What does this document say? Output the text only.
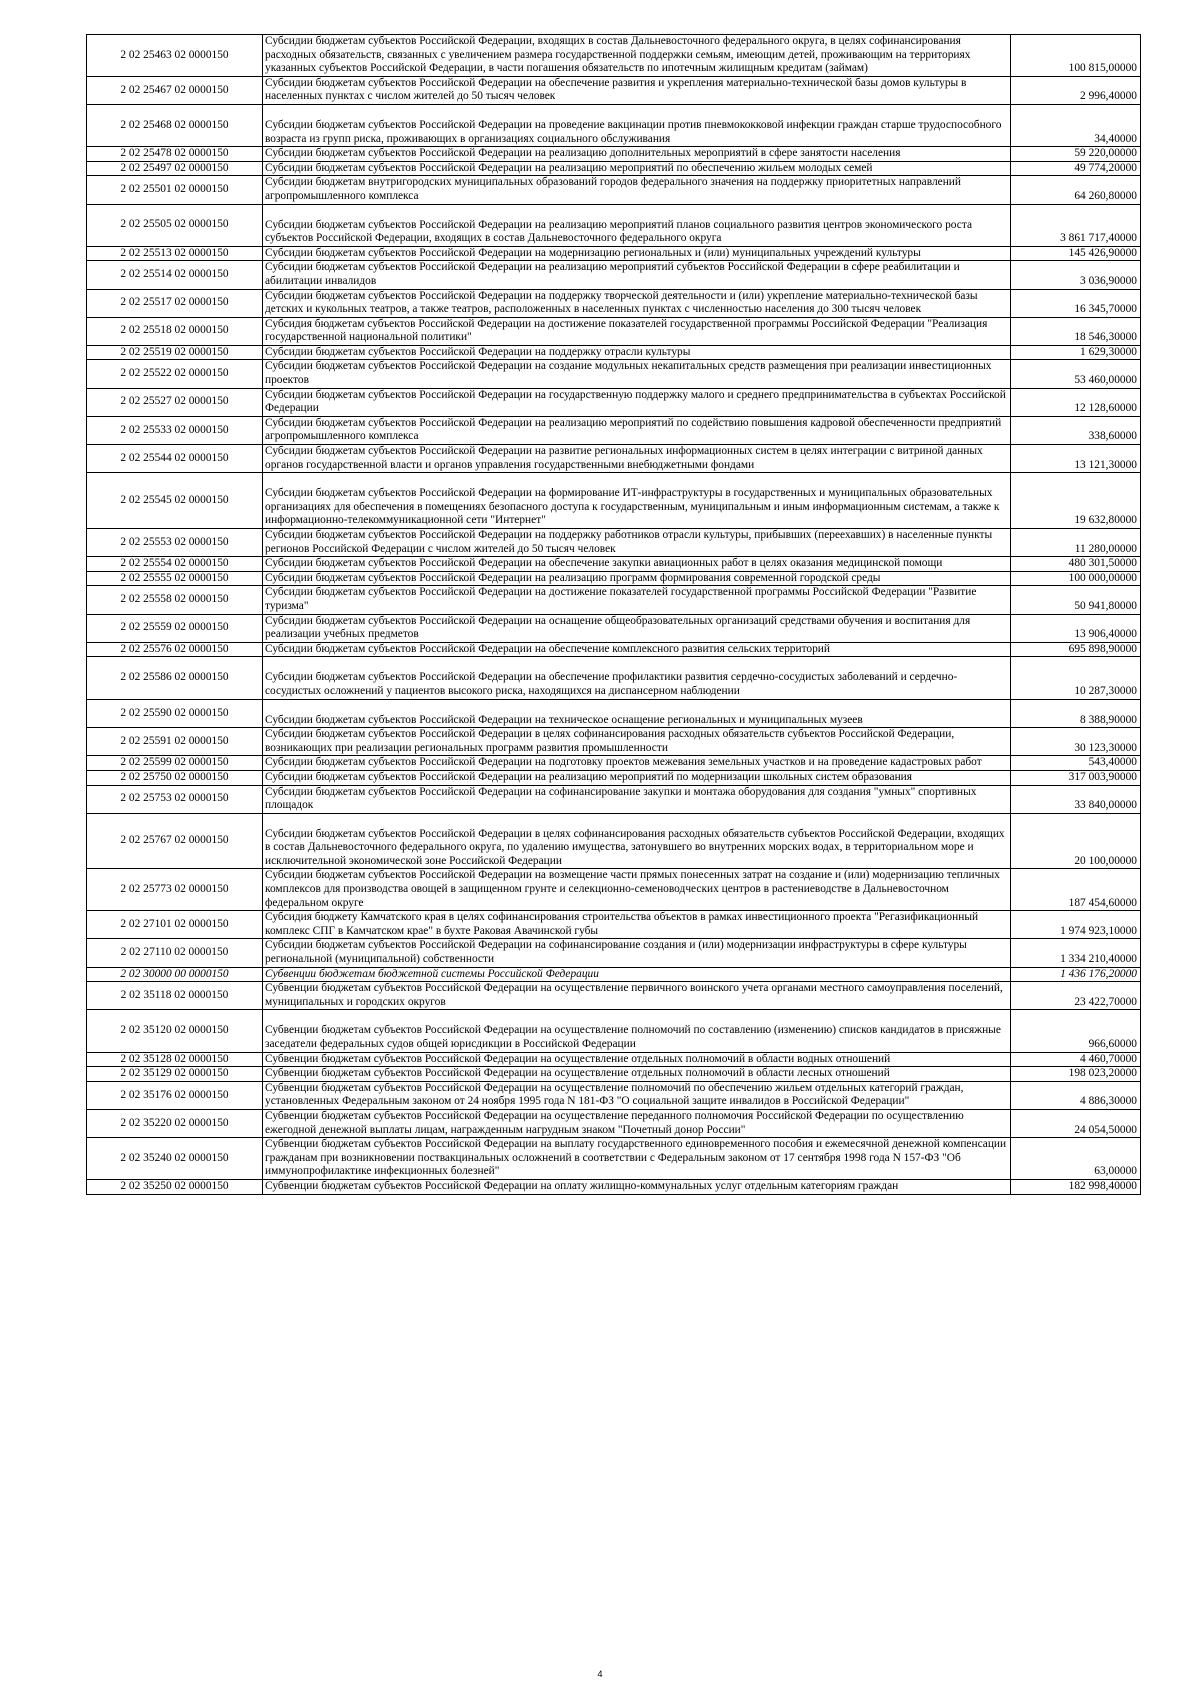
2 02 25463 02 0000150	Субсидии бюджетам субъектов Российской Федерации, входящих в состав Дальневосточного федерального округа, в целях софинансирования расходных обязательств, связанных с увеличением размера государственной поддержки семьям, имеющим детей, проживающим на территориях указанных субъектов Российской Федерации, в части погашения обязательств по ипотечным жилищным кредитам (займам)	100 815,00000
2 02 25467 02 0000150	Субсидии бюджетам субъектов Российской Федерации на обеспечение развития и укрепления материально-технической базы домов культуры в населенных пунктах с числом жителей до 50 тысяч человек	2 996,40000
2 02 25468 02 0000150	Субсидии бюджетам субъектов Российской Федерации на проведение вакцинации против пневмококковой инфекции граждан старше трудоспособного возраста из групп риска, проживающих в организациях социального обслуживания	34,40000
2 02 25478 02 0000150	Субсидии бюджетам субъектов Российской Федерации на реализацию дополнительных мероприятий в сфере занятости населения	59 220,00000
2 02 25497 02 0000150	Субсидии бюджетам субъектов Российской Федерации на реализацию мероприятий по обеспечению жильем молодых семей	49 774,20000
2 02 25501 02 0000150	Субсидии бюджетам внутригородских муниципальных образований городов федерального значения на поддержку приоритетных направлений агропромышленного комплекса	64 260,80000
2 02 25505 02 0000150	Субсидии бюджетам субъектов Российской Федерации на реализацию мероприятий планов социального развития центров экономического роста субъектов Российской Федерации, входящих в состав Дальневосточного федерального округа	3 861 717,40000
2 02 25513 02 0000150	Субсидии бюджетам субъектов Российской Федерации на модернизацию региональных и (или) муниципальных учреждений культуры	145 426,90000
2 02 25514 02 0000150	Субсидии бюджетам субъектов Российской Федерации на реализацию мероприятий субъектов Российской Федерации в сфере реабилитации и абилитации инвалидов	3 036,90000
2 02 25517 02 0000150	Субсидии бюджетам субъектов Российской Федерации на поддержку творческой деятельности и (или) укрепление материально-технической базы детских и кукольных театров, а также театров, расположенных в населенных пунктах с численностью населения до 300 тысяч человек	16 345,70000
2 02 25518 02 0000150	Субсидия бюджетам субъектов Российской Федерации на достижение показателей государственной программы Российской Федерации "Реализация государственной национальной политики"	18 546,30000
2 02 25519 02 0000150	Субсидии бюджетам субъектов Российской Федерации на поддержку отрасли культуры	1 629,30000
2 02 25522 02 0000150	Субсидии бюджетам субъектов Российской Федерации на создание модульных некапитальных средств размещения при реализации инвестиционных проектов	53 460,00000
2 02 25527 02 0000150	Субсидии бюджетам субъектов Российской Федерации на государственную поддержку малого и среднего предпринимательства в субъектах Российской Федерации	12 128,60000
2 02 25533 02 0000150	Субсидии бюджетам субъектов Российской Федерации на реализацию мероприятий по содействию повышения кадровой обеспеченности предприятий агропромышленного комплекса	338,60000
2 02 25544 02 0000150	Субсидии бюджетам субъектов Российской Федерации на развитие региональных информационных систем в целях интеграции с витриной данных органов государственной власти и органов управления государственными внебюджетными фондами	13 121,30000
2 02 25545 02 0000150	Субсидии бюджетам субъектов Российской Федерации на формирование ИТ-инфраструктуры в государственных и муниципальных образовательных организациях для обеспечения в помещениях безопасного доступа к государственным, муниципальным и иным информационным системам, а также к информационно-телекоммуникационной сети "Интернет"	19 632,80000
2 02 25553 02 0000150	Субсидии бюджетам субъектов Российской Федерации на поддержку работников отрасли культуры, прибывших (переехавших) в населенные пункты регионов Российской Федерации с числом жителей до 50 тысяч человек	11 280,00000
2 02 25554 02 0000150	Субсидии бюджетам субъектов Российской Федерации на обеспечение закупки авиационных работ в целях оказания медицинской помощи	480 301,50000
2 02 25555 02 0000150	Субсидии бюджетам субъектов Российской Федерации на реализацию программ формирования современной городской среды	100 000,00000
2 02 25558 02 0000150	Субсидии бюджетам субъектов Российской Федерации на достижение показателей государственной программы Российской Федерации "Развитие туризма"	50 941,80000
2 02 25559 02 0000150	Субсидии бюджетам субъектов Российской Федерации на оснащение общеобразовательных организаций средствами обучения и воспитания для реализации учебных предметов	13 906,40000
2 02 25576 02 0000150	Субсидии бюджетам субъектов Российской Федерации на обеспечение комплексного развития сельских территорий	695 898,90000
2 02 25586 02 0000150	Субсидии бюджетам субъектов Российской Федерации на обеспечение профилактики развития сердечно-сосудистых заболеваний и сердечно-сосудистых осложнений у пациентов высокого риска, находящихся на диспансерном наблюдении	10 287,30000
2 02 25590 02 0000150	Субсидии бюджетам субъектов Российской Федерации на техническое оснащение региональных и муниципальных музеев	8 388,90000
2 02 25591 02 0000150	Субсидии бюджетам субъектов Российской Федерации в целях софинансирования расходных обязательств субъектов Российской Федерации, возникающих при реализации региональных программ развития промышленности	30 123,30000
2 02 25599 02 0000150	Субсидии бюджетам субъектов Российской Федерации на подготовку проектов межевания земельных участков и на проведение кадастровых работ	543,40000
2 02 25750 02 0000150	Субсидии бюджетам субъектов Российской Федерации на реализацию мероприятий по модернизации школьных систем образования	317 003,90000
2 02 25753 02 0000150	Субсидии бюджетам субъектов Российской Федерации на софинансирование закупки и монтажа оборудования для создания "умных" спортивных площадок	33 840,00000
2 02 25767 02 0000150	Субсидии бюджетам субъектов Российской Федерации в целях софинансирования расходных обязательств субъектов Российской Федерации, входящих в состав Дальневосточного федерального округа, по удалению имущества, затонувшего во внутренних морских водах, в территориальном море и исключительной экономической зоне Российской Федерации	20 100,00000
2 02 25773 02 0000150	Субсидии бюджетам субъектов Российской Федерации на возмещение части прямых понесенных затрат на создание и (или) модернизацию тепличных комплексов для производства овощей в защищенном грунте и селекционно-семеноводческих центров в растениеводстве в Дальневосточном федеральном округе	187 454,60000
2 02 27101 02 0000150	Субсидия бюджету Камчатского края в целях софинансирования строительства объектов в рамках инвестиционного проекта "Регазификационный комплекс СПГ в Камчатском крае" в бухте Раковая Авачинской губы	1 974 923,10000
2 02 27110 02 0000150	Субсидии бюджетам субъектов Российской Федерации на софинансирование создания и (или) модернизации инфраструктуры в сфере культуры региональной (муниципальной) собственности	1 334 210,40000
2 02 30000 00 0000150	Субвенции бюджетам бюджетной системы Российской Федерации	1 436 176,20000
2 02 35118 02 0000150	Субвенции бюджетам субъектов Российской Федерации на осуществление первичного воинского учета органами местного самоуправления поселений, муниципальных и городских округов	23 422,70000
2 02 35120 02 0000150	Субвенции бюджетам субъектов Российской Федерации на осуществление полномочий по составлению (изменению) списков кандидатов в присяжные заседатели федеральных судов общей юрисдикции в Российской Федерации	966,60000
2 02 35128 02 0000150	Субвенции бюджетам субъектов Российской Федерации на осуществление отдельных полномочий в области водных отношений	4 460,70000
2 02 35129 02 0000150	Субвенции бюджетам субъектов Российской Федерации на осуществление отдельных полномочий в области лесных отношений	198 023,20000
2 02 35176 02 0000150	Субвенции бюджетам субъектов Российской Федерации на осуществление полномочий по обеспечению жильем отдельных категорий граждан, установленных Федеральным законом от 24 ноября 1995 года N 181-ФЗ "О социальной защите инвалидов в Российской Федерации"	4 886,30000
2 02 35220 02 0000150	Субвенции бюджетам субъектов Российской Федерации на осуществление переданного полномочия Российской Федерации по осуществлению ежегодной денежной выплаты лицам, награжденным нагрудным знаком "Почетный донор России"	24 054,50000
2 02 35240 02 0000150	Субвенции бюджетам субъектов Российской Федерации на выплату государственного единовременного пособия и ежемесячной денежной компенсации гражданам при возникновении поствакцинальных осложнений в соответствии с Федеральным законом от 17 сентября 1998 года N 157-ФЗ "Об иммунопрофилактике инфекционных болезней"	63,00000
2 02 35250 02 0000150	Субвенции бюджетам субъектов Российской Федерации на оплату жилищно-коммунальных услуг отдельным категориям граждан	182 998,40000
4
